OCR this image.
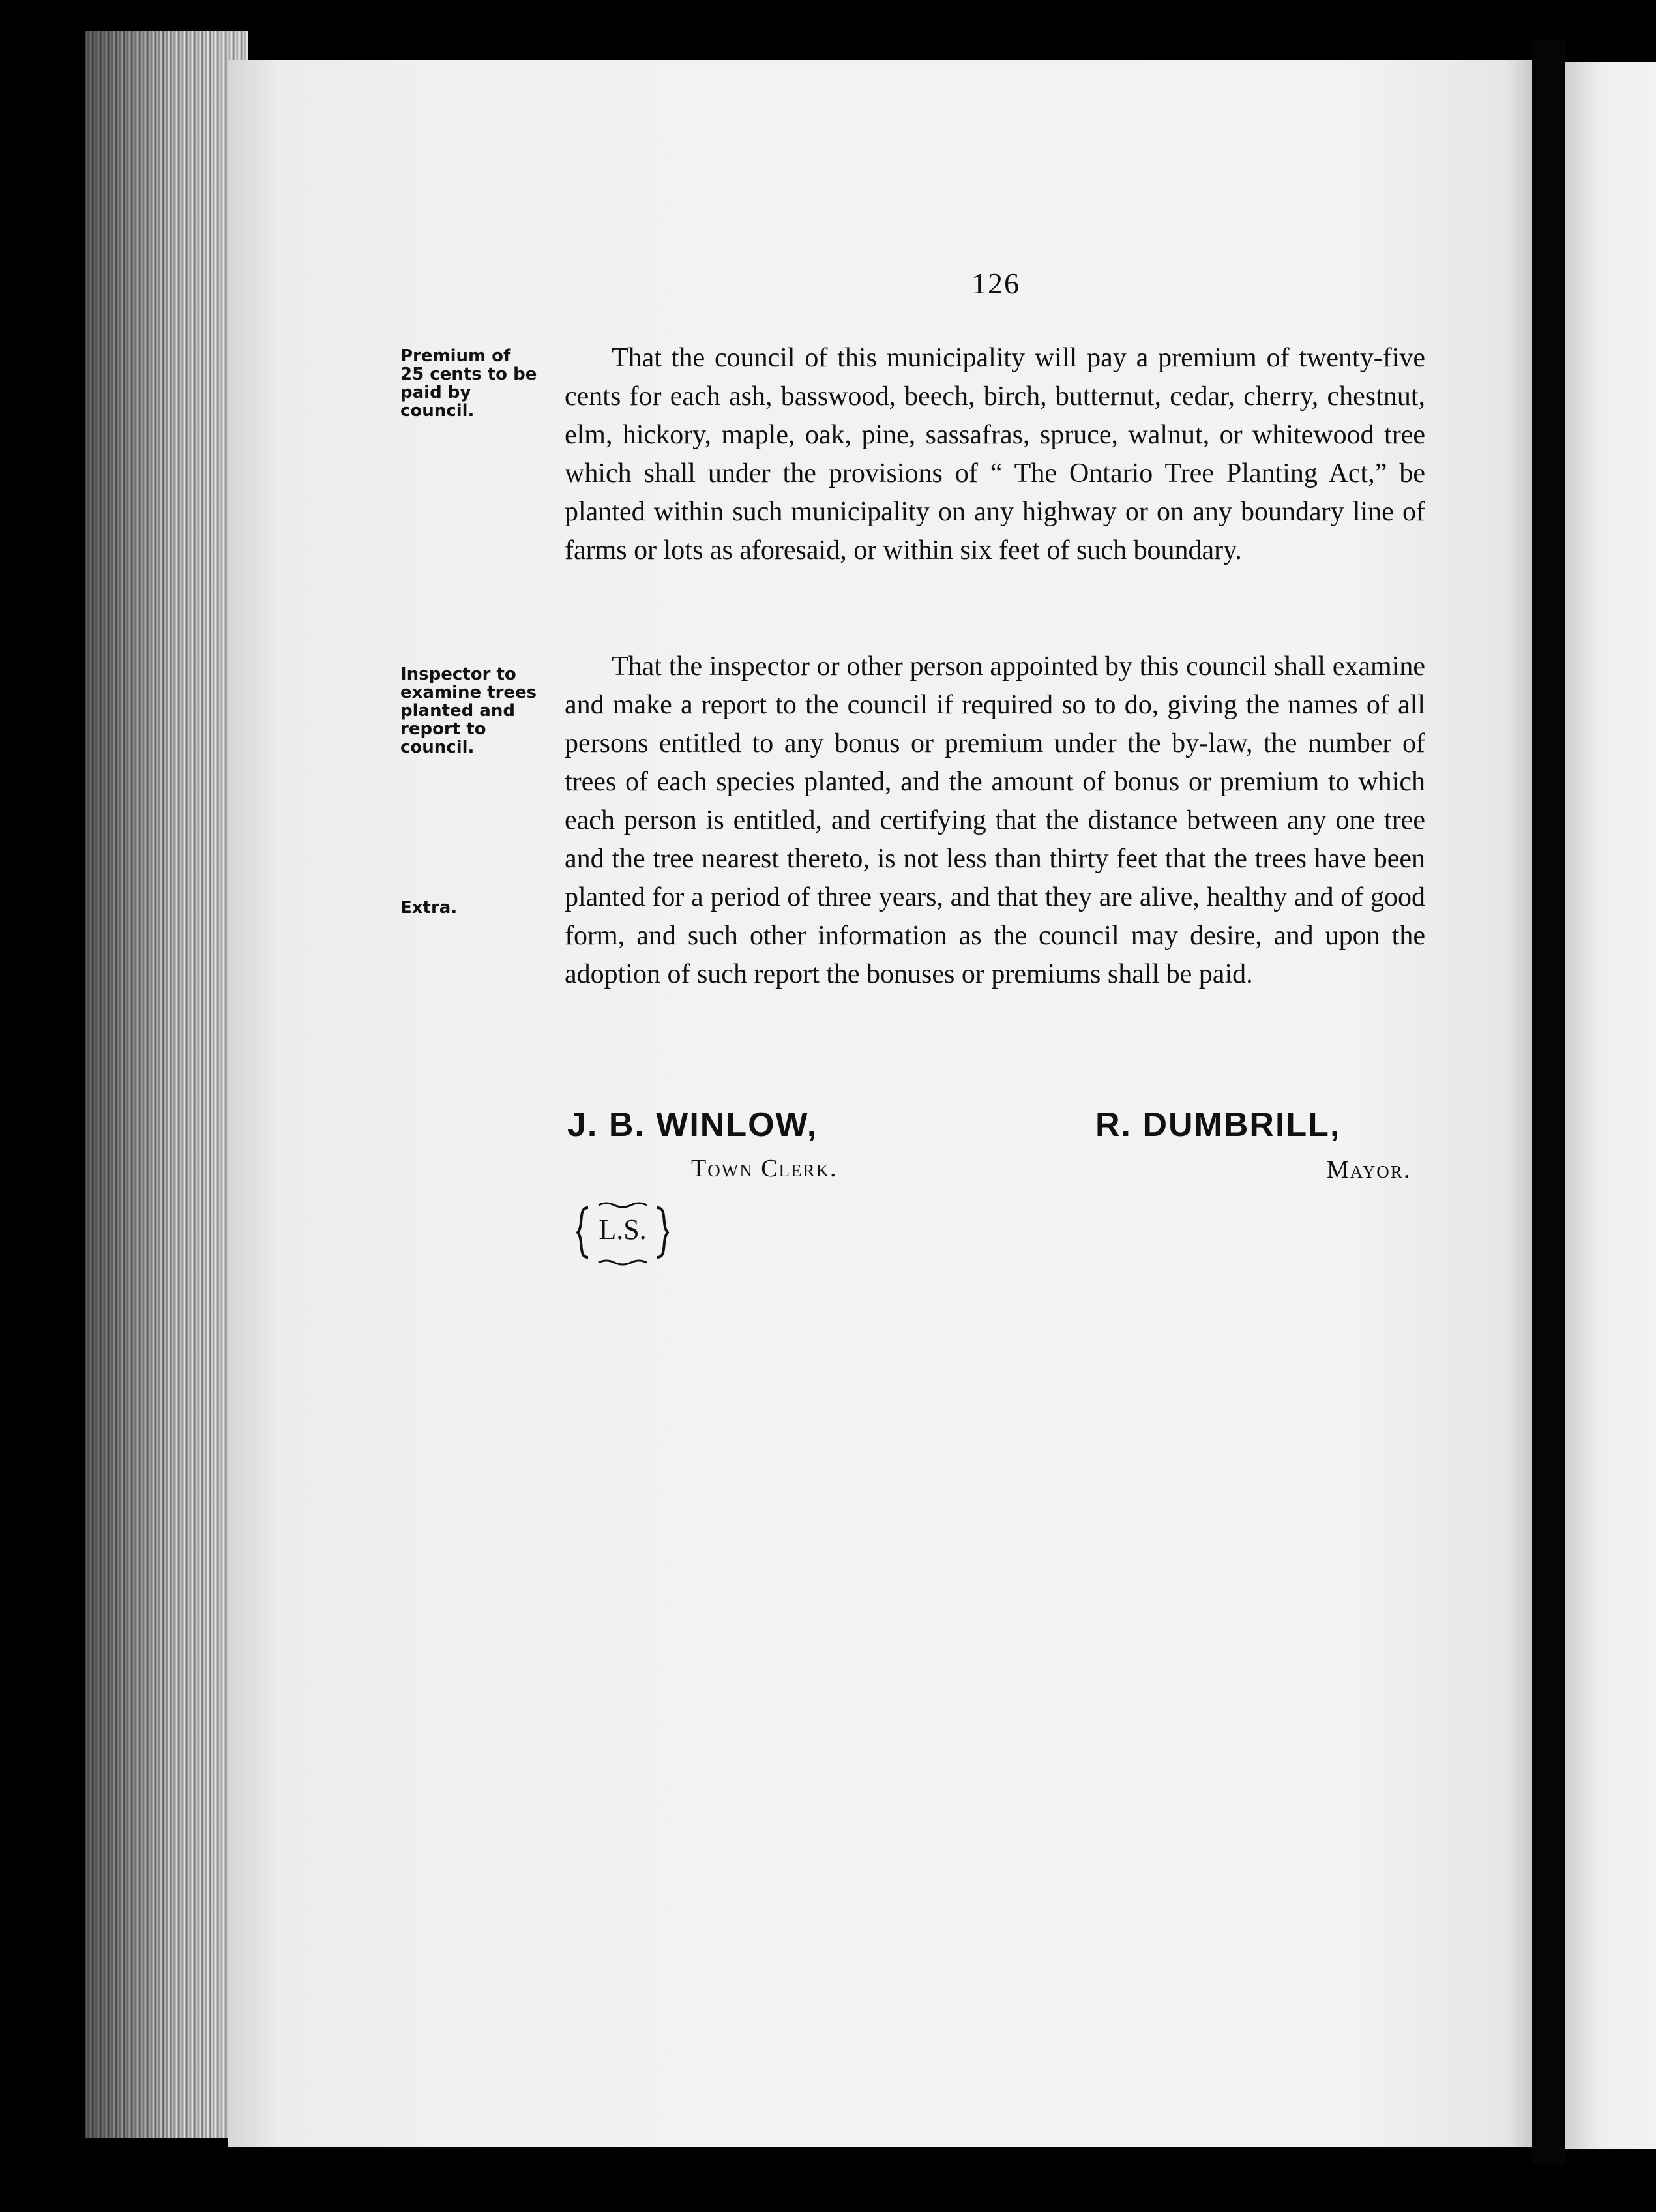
126
Premium of
25 cents to be
paid by
council.

That the council of this municipality will pay a premium of twenty-five cents for each ash, basswood, beech, birch, butternut, cedar, cherry, chestnut, elm, hickory, maple, oak, pine, sassafras, spruce, walnut, or whitewood tree which shall under the provisions of “ The Ontario Tree Planting Act,” be planted within such municipality on any highway or on any boundary line of farms or lots as aforesaid, or within six feet of such boundary.

Inspector to
examine trees
planted and
report to
council.
Extra.

That the inspector or other person appointed by this council shall examine and make a report to the council if required so to do, giving the names of all persons entitled to any bonus or premium under the by-law, the number of trees of each species planted, and the amount of bonus or premium to which each person is entitled, and certifying that the distance between any one tree and the tree nearest thereto, is not less than thirty feet that the trees have been planted for a period of three years, and that they are alive, healthy and of good form, and such other information as the council may desire, and upon the adoption of such report the bonuses or premiums shall be paid.

J. B. WINLOW,	R. DUMBRILL,
Town Clerk.	Mayor.
L.S.
